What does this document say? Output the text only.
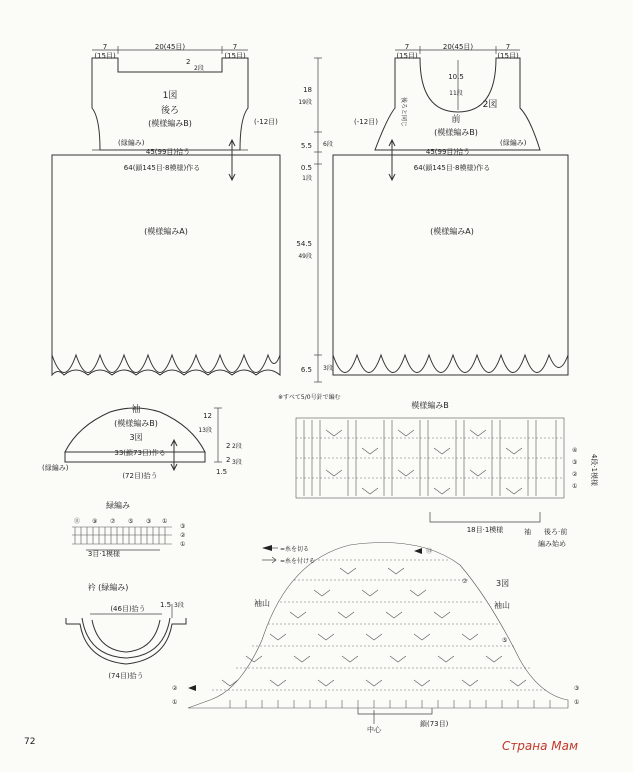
7
(15目)
20(45目)	7
(15目)
2
2段
1図
後ろ
(模様編みB)	(-12目)
(緑編み)
45(99目)拾う
64(鎖145目·8模様)作る
(模様編みA)
18
19段
5.5 6段
0.5
1段
54.5
49段
6.5 3段
7
(15目)
20(45目)	7
(15目)
10.5
11段
後ろと同じ	2図
前
(模様編みB)
(-12目)
(緑編み)
45(99目)拾う
64(鎖145目·8模様)作る
(模様編みA)
袖
(模様編みB)
3図
33(鎖73目)作る
(緑編み)
(72目)拾う
12
13段
2 2段
2 3段
1.5
緑編み
⑪ ⑨ ⑦ ⑤ ③ ①
③
②
①
3目·1模様
衿 (緑編み)
(46目)拾う
(74目)拾う
1.5 3段
※すべて5/0号針で編む
模様編みB
④
③
②
①
4段·1模様
18目·1模様	袖 後ろ·前
編み始め
=糸を切る
=糸を付ける
3図
袖山	袖山
⑬
⑦
⑤
③
①
②
①
中心
鎖(73目)
72	Страна Мам
